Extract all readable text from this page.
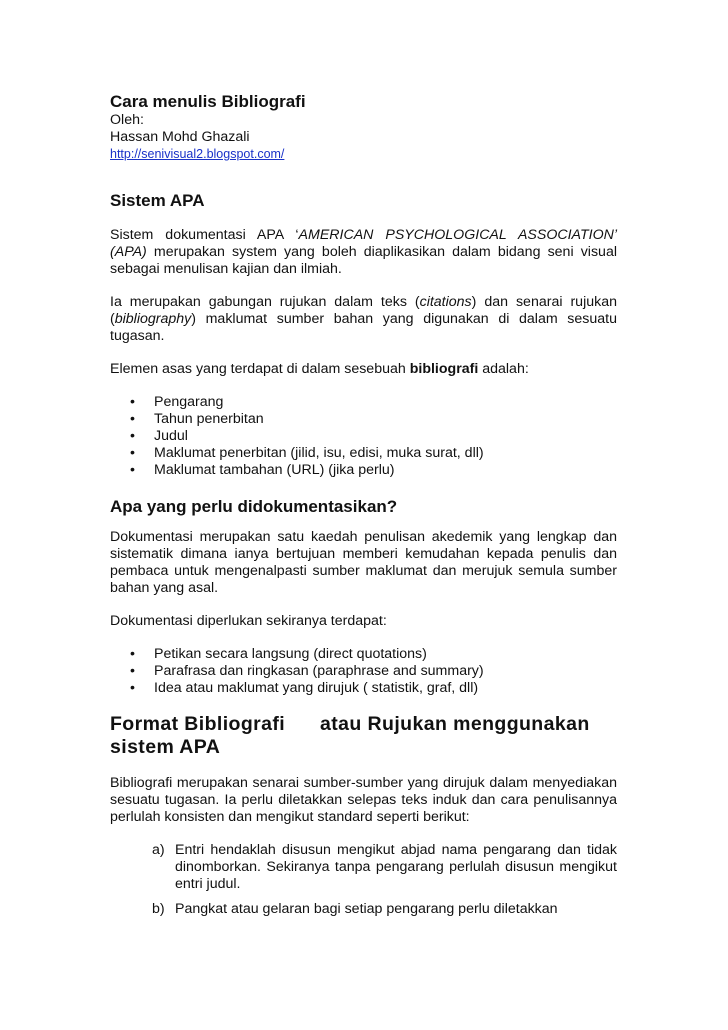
Cara menulis Bibliografi

Oleh:

Hassan Mohd Ghazali

http://senivisual2.blogspot.com/

Sistem APA

Sistem dokumentasi APA ‘AMERICAN PSYCHOLOGICAL ASSOCIATION’ (APA) merupakan system yang boleh diaplikasikan dalam bidang seni visual sebagai menulisan kajian dan ilmiah.

Ia merupakan gabungan rujukan dalam teks (citations) dan senarai rujukan (bibliography) maklumat sumber bahan yang digunakan di dalam sesuatu tugasan.

Elemen asas yang terdapat di dalam sesebuah bibliografi adalah:

• Pengarang
• Tahun penerbitan
• Judul
• Maklumat penerbitan (jilid, isu, edisi, muka surat, dll)
• Maklumat tambahan (URL) (jika perlu)

Apa yang perlu didokumentasikan?

Dokumentasi merupakan satu kaedah penulisan akedemik yang lengkap dan sistematik dimana ianya bertujuan memberi kemudahan kepada penulis dan pembaca untuk mengenalpasti sumber maklumat dan merujuk semula sumber bahan yang asal.

Dokumentasi diperlukan sekiranya terdapat:

• Petikan secara langsung (direct quotations)
• Parafrasa dan ringkasan (paraphrase and summary)
• Idea atau maklumat yang dirujuk ( statistik, graf, dll)

Format Bibliografi      atau Rujukan menggunakan
sistem APA

Bibliografi merupakan senarai sumber-sumber yang dirujuk dalam menyediakan sesuatu tugasan. Ia perlu diletakkan selepas teks induk dan cara penulisannya perlulah konsisten dan mengikut standard seperti berikut:

a) Entri hendaklah disusun mengikut abjad nama pengarang dan tidak dinomborkan. Sekiranya tanpa pengarang perlulah disusun mengikut entri judul.
b) Pangkat atau gelaran bagi setiap pengarang perlu diletakkan
